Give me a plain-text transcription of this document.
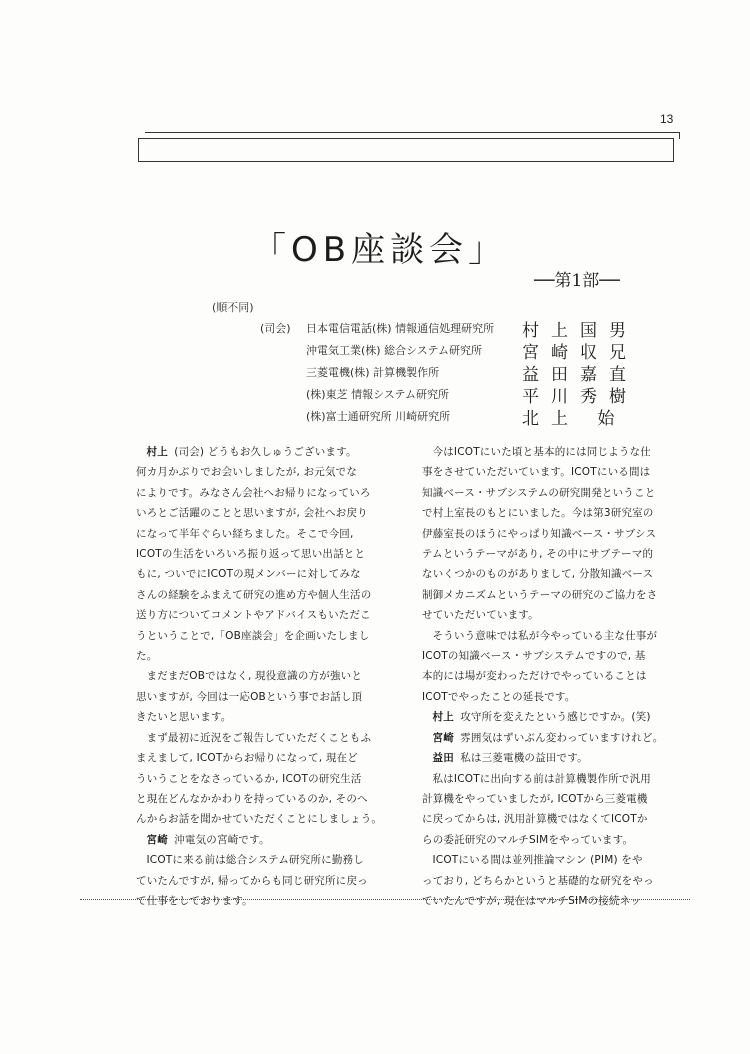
13
「OB座談会」
──第1部──
(順不同)
(司会) 日本電信電話(株) 情報通信処理研究所 村上国男
沖電気工業(株) 総合システム研究所 宮崎収兄
三菱電機(株) 計算機製作所	益田嘉直
(株)東芝 情報システム研究所	平川秀樹
(株)富士通研究所 川崎研究所	北上 始

村上 (司会) どうもお久しゅうございます。
何カ月かぶりでお会いしましたが, お元気でな
によりです。みなさん会社へお帰りになっていろ
いろとご活躍のことと思いますが, 会社へお戻り
になって半年ぐらい経ちました。そこで今回,
ICOTの生活をいろいろ振り返って思い出話とと
もに, ついでにICOTの現メンバーに対してみな
さんの経験をふまえて研究の進め方や個人生活の
送り方についてコメントやアドバイスもいただこ
うということで,「OB座談会」を企画いたしまし
た。

まだまだOBではなく, 現役意識の方が強いと
思いますが, 今回は一応OBという事でお話し頂
きたいと思います。

まず最初に近況をご報告していただくこともふ
まえまして, ICOTからお帰りになって, 現在ど
ういうことをなさっているか, ICOTの研究生活
と現在どんなかかわりを持っているのか, そのへ
んからお話を聞かせていただくことにしましょう。

宮崎 沖電気の宮崎です。

ICOTに来る前は総合システム研究所に勤務し
ていたんですが, 帰ってからも同じ研究所に戻っ
て仕事をしております。

今はICOTにいた頃と基本的には同じような仕
事をさせていただいています。ICOTにいる間は
知識ベース・サブシステムの研究開発ということ
で村上室長のもとにいました。今は第3研究室の
伊藤室長のほうにやっぱり知識ベース・サブシス
テムというテーマがあり, その中にサブテーマ的
ないくつかのものがありまして, 分散知識ベース
制御メカニズムというテーマの研究のご協力をさ
せていただいています。

そういう意味では私が今やっている主な仕事が
ICOTの知識ベース・サブシステムですので, 基
本的には場が変わっただけでやっていることは
ICOTでやったことの延長です。

村上 攻守所を変えたという感じですか。(笑)

宮崎 雰囲気はずいぶん変わっていますけれど。

益田 私は三菱電機の益田です。

私はICOTに出向する前は計算機製作所で汎用
計算機をやっていましたが, ICOTから三菱電機
に戻ってからは, 汎用計算機ではなくてICOTか
らの委託研究のマルチSIMをやっています。

ICOTにいる間は並列推論マシン (PIM) をや
っており, どちらかというと基礎的な研究をやっ
ていたんですが, 現在はマルチSIMの接続ネッ
